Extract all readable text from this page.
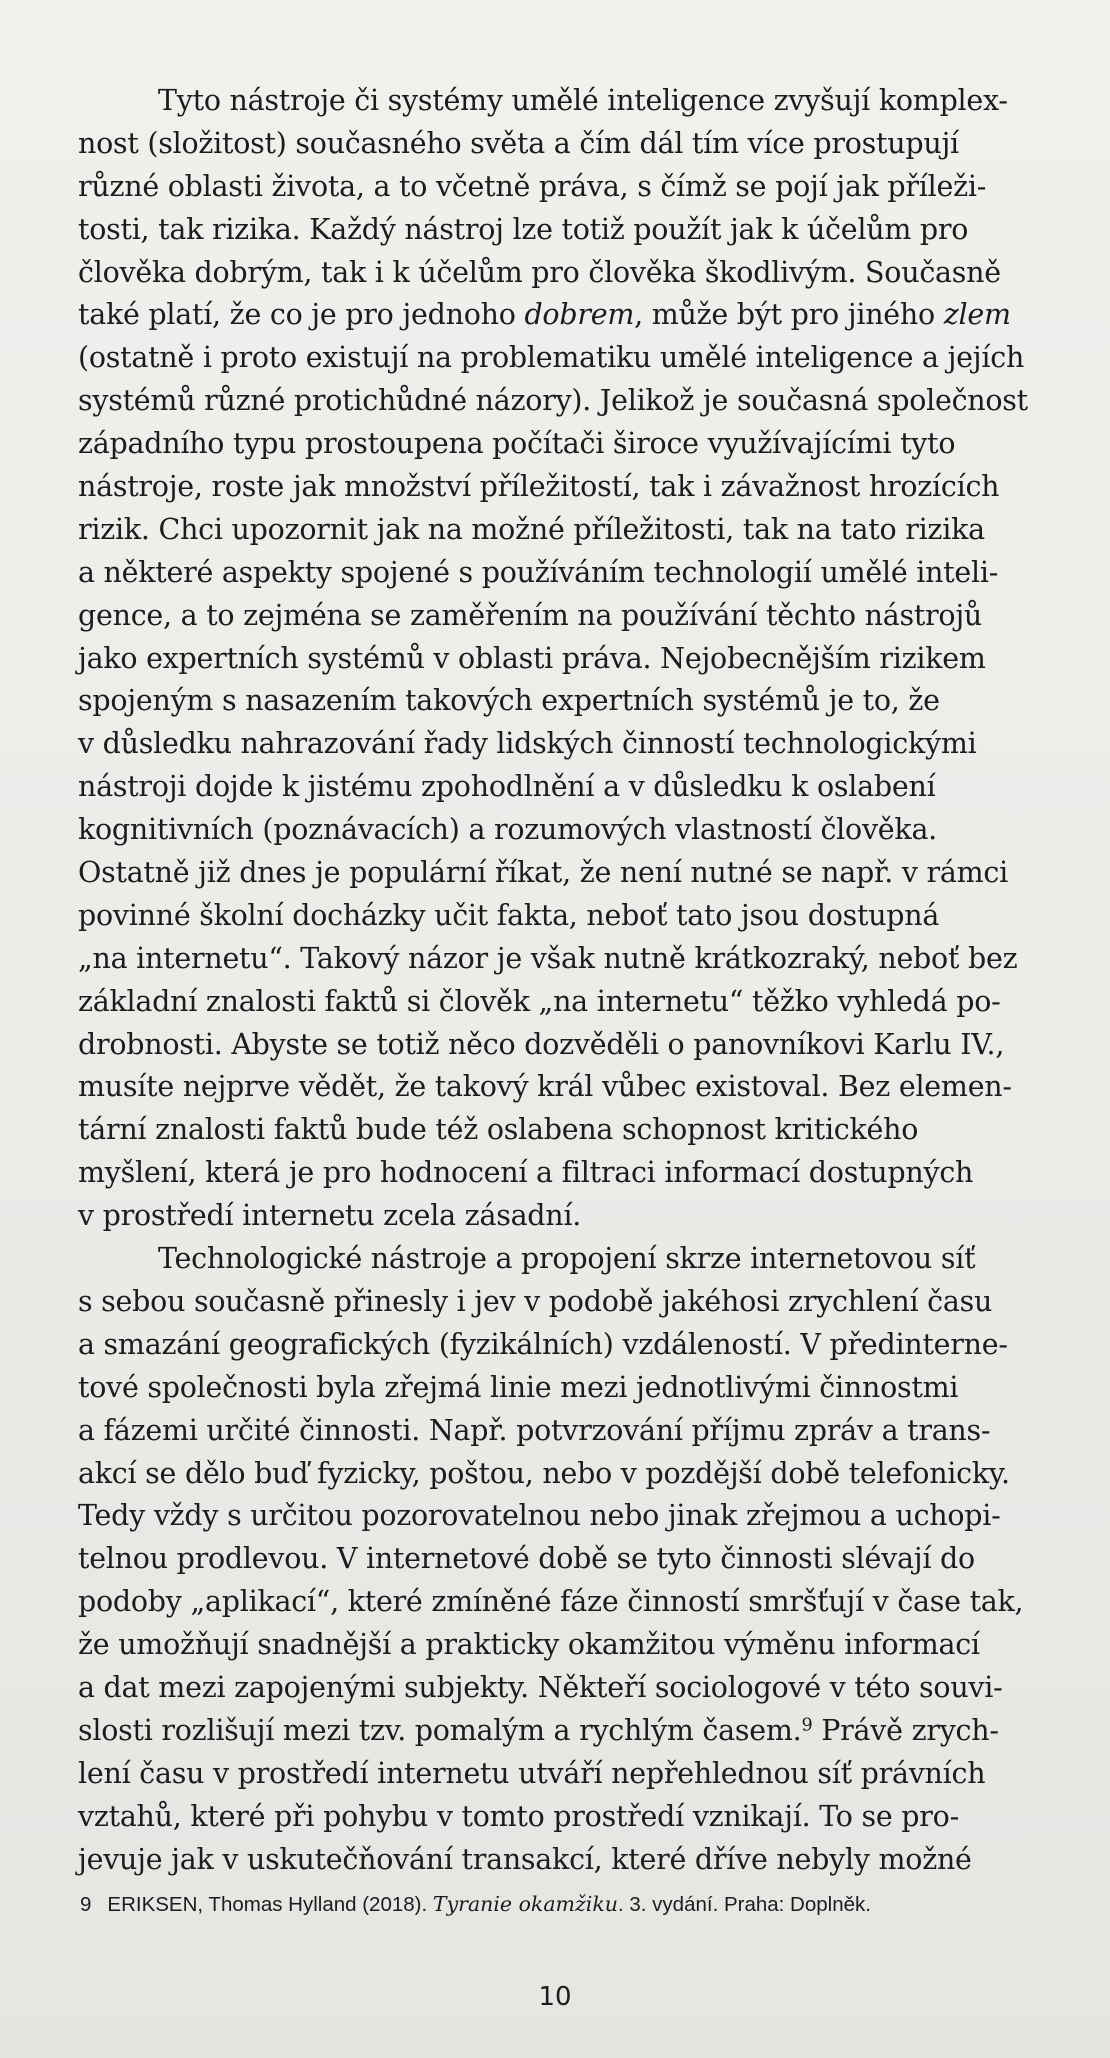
Tyto nástroje či systémy umělé inteligence zvyšují komplex-
nost (složitost) současného světa a čím dál tím více prostupují
různé oblasti života, a to včetně práva, s čímž se pojí jak příleži-
tosti, tak rizika. Každý nástroj lze totiž použít jak k účelům pro
člověka dobrým, tak i k účelům pro člověka škodlivým. Současně
také platí, že co je pro jednoho dobrem, může být pro jiného zlem
(ostatně i proto existují na problematiku umělé inteligence a jejích
systémů různé protichůdné názory). Jelikož je současná společnost
západního typu prostoupena počítači široce využívajícími tyto
nástroje, roste jak množství příležitostí, tak i závažnost hrozících
rizik. Chci upozornit jak na možné příležitosti, tak na tato rizika
a některé aspekty spojené s používáním technologií umělé inteli-
gence, a to zejména se zaměřením na používání těchto nástrojů
jako expertních systémů v oblasti práva. Nejobecnějším rizikem
spojeným s nasazením takových expertních systémů je to, že
v důsledku nahrazování řady lidských činností technologickými
nástroji dojde k jistému zpohodlnění a v důsledku k oslabení
kognitivních (poznávacích) a rozumových vlastností člověka.
Ostatně již dnes je populární říkat, že není nutné se např. v rámci
povinné školní docházky učit fakta, neboť tato jsou dostupná
„na internetu“. Takový názor je však nutně krátkozraký, neboť bez
základní znalosti faktů si člověk „na internetu“ těžko vyhledá po-
drobnosti. Abyste se totiž něco dozvěděli o panovníkovi Karlu IV.,
musíte nejprve vědět, že takový král vůbec existoval. Bez elemen-
tární znalosti faktů bude též oslabena schopnost kritického
myšlení, která je pro hodnocení a filtraci informací dostupných
v prostředí internetu zcela zásadní.
Technologické nástroje a propojení skrze internetovou síť
s sebou současně přinesly i jev v podobě jakéhosi zrychlení času
a smazání geografických (fyzikálních) vzdáleností. V předinterne-
tové společnosti byla zřejmá linie mezi jednotlivými činnostmi
a fázemi určité činnosti. Např. potvrzování příjmu zpráv a trans-
akcí se dělo buď fyzicky, poštou, nebo v pozdější době telefonicky.
Tedy vždy s určitou pozorovatelnou nebo jinak zřejmou a uchopi-
telnou prodlevou. V internetové době se tyto činnosti slévají do
podoby „aplikací“, které zmíněné fáze činností smršťují v čase tak,
že umožňují snadnější a prakticky okamžitou výměnu informací
a dat mezi zapojenými subjekty. Někteří sociologové v této souvi-
slosti rozlišují mezi tzv. pomalým a rychlým časem.$^9$ Právě zrych-
lení času v prostředí internetu utváří nepřehlednou síť právních
vztahů, které při pohybu v tomto prostředí vznikají. To se pro-
jevuje jak v uskutečňování transakcí, které dříve nebyly možné
9 ERIKSEN, Thomas Hylland (2018). Tyranie okamžiku. 3. vydání. Praha: Doplněk.
10
